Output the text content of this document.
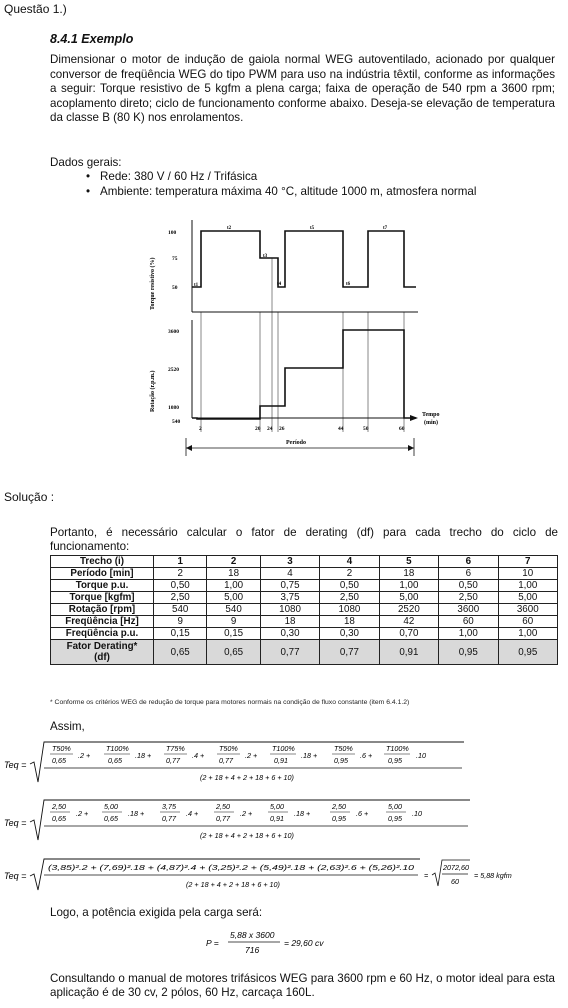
Questão 1.)
8.4.1 Exemplo
Dimensionar o motor de indução de gaiola normal WEG autoventilado, acionado por qualquer conversor de freqüência WEG do tipo PWM para uso na indústria têxtil, conforme as informações a seguir: Torque resistivo de 5 kgfm a plena carga; faixa de operação de 540 rpm a 3600 rpm; acoplamento direto; ciclo de funcionamento conforme abaixo. Deseja-se elevação de temperatura da classe B (80 K) nos enrolamentos.
Dados gerais:
• Rede: 380 V / 60 Hz / Trifásica
• Ambiente: temperatura máxima 40 °C, altitude 1000 m, atmosfera normal
100
75
50
Torque resistivo (%)	t1
t2
t3
t4
t5
t6
t7
3600
2520
1080
540
Rotação (r.p.m.)
2	20 24 26	44	50	60
Tempo
(min)
Período
Solução :
Portanto, é necessário calcular o fator de derating (df) para cada trecho do ciclo de funcionamento:
Trecho (i)	1	2	3	4	5	6	7
Período [min]	2	18	4	2	18	6	10
Torque p.u.	0,50	1,00	0,75	0,50	1,00	0,50	1,00
Torque [kgfm]	2,50	5,00	3,75	2,50	5,00	2,50	5,00
Rotação [rpm]	540	540	1080	1080	2520	3600	3600
Freqüência [Hz]	9	9	18	18	42	60	60
Freqüência p.u.	0,15	0,15	0,30	0,30	0,70	1,00	1,00
Fator Derating*
(df)	0,65	0,65	0,77	0,77	0,91	0,95	0,95
* Conforme os critérios WEG de redução de torque para motores normais na condição de fluxo constante (item 6.4.1.2)
Assim,
Teq =
T50%
0,65
.2 +
T100%
0,65
.18 +
T75%
0,77
.4 +
T50%
0,77
.2 +
T100%
0,91
.18 +
T50%
0,95
.6 +
T100%
0,95
.10
(2 + 18 + 4 + 2 + 18 + 6 + 10)
Teq =
2,50
0,65
.2 +
5,00
0,65
.18 +
3,75
0,77
.4 +
2,50
0,77
.2 +
5,00
0,91
.18 +
2,50
0,95
.6 +
5,00
0,95
.10
(2 + 18 + 4 + 2 + 18 + 6 + 10)
Teq =
(3,85)².2 + (7,69)².18 + (4,87)².4 + (3,25)².2 + (5,49)².18 + (2,63)².6 + (5,26)².10
(2 + 18 + 4 + 2 + 18 + 6 + 10)
=
2072,60
60
= 5,88 kgfm
Logo, a potência exigida pela carga será:
P =
5,88 x 3600
716
= 29,60 cv
Consultando o manual de motores trifásicos WEG para 3600 rpm e 60 Hz, o motor ideal para esta aplicação é de 30 cv, 2 pólos, 60 Hz, carcaça 160L.
